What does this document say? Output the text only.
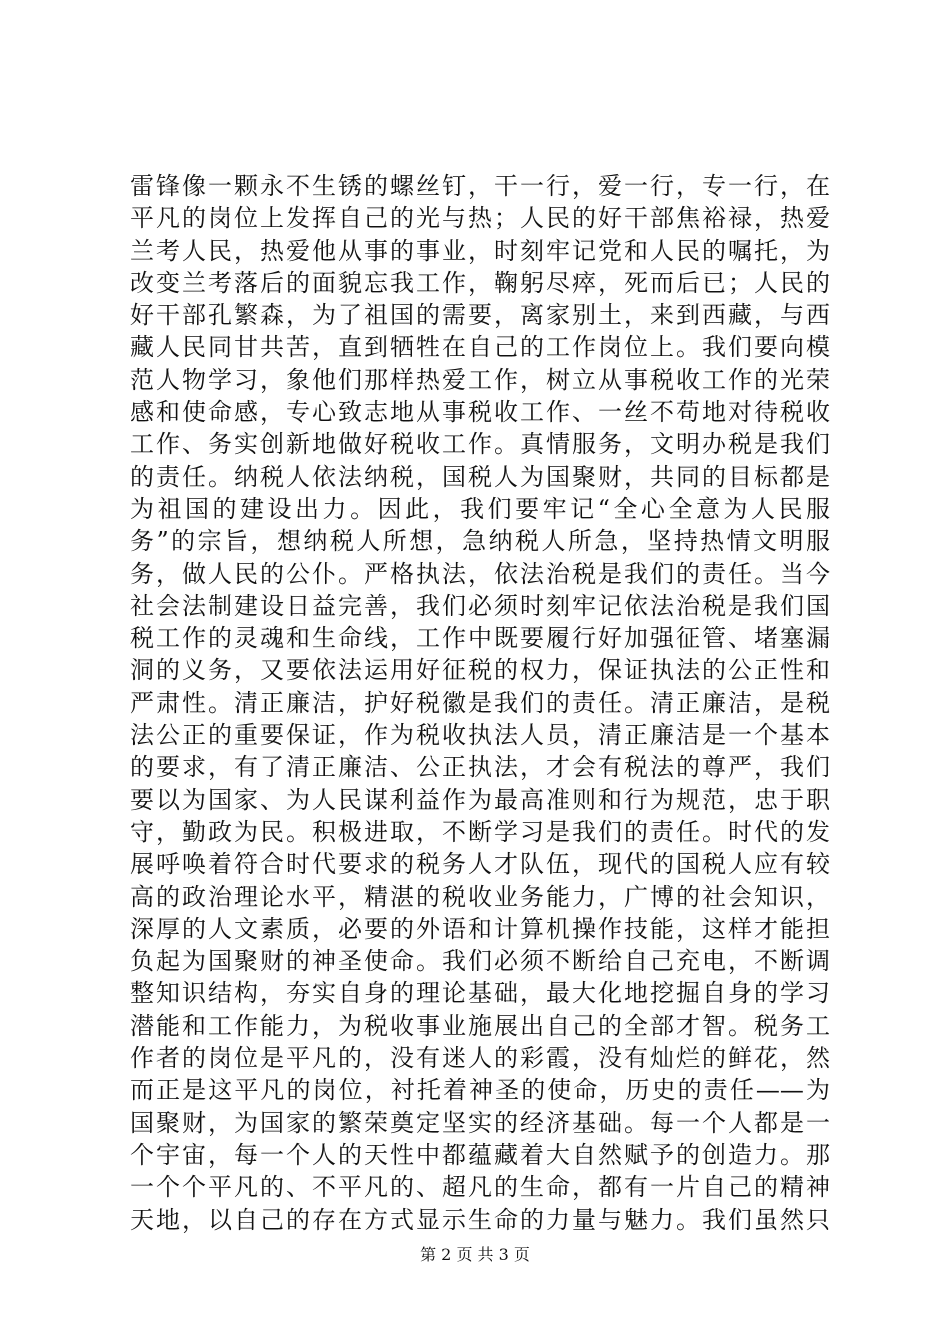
雷锋像一颗永不生锈的螺丝钉，干一行，爱一行，专一行，在
平凡的岗位上发挥自己的光与热；人民的好干部焦裕禄，热爱
兰考人民，热爱他从事的事业，时刻牢记党和人民的嘱托，为
改变兰考落后的面貌忘我工作，鞠躬尽瘁，死而后已；人民的
好干部孔繁森，为了祖国的需要，离家别土，来到西藏，与西
藏人民同甘共苦，直到牺牲在自己的工作岗位上。我们要向模
范人物学习，象他们那样热爱工作，树立从事税收工作的光荣
感和使命感，专心致志地从事税收工作、一丝不苟地对待税收
工作、务实创新地做好税收工作。真情服务，文明办税是我们
的责任。纳税人依法纳税，国税人为国聚财，共同的目标都是
为祖国的建设出力。因此，我们要牢记“全心全意为人民服
务”的宗旨，想纳税人所想，急纳税人所急，坚持热情文明服
务，做人民的公仆。严格执法，依法治税是我们的责任。当今
社会法制建设日益完善，我们必须时刻牢记依法治税是我们国
税工作的灵魂和生命线，工作中既要履行好加强征管、堵塞漏
洞的义务，又要依法运用好征税的权力，保证执法的公正性和
严肃性。清正廉洁，护好税徽是我们的责任。清正廉洁，是税
法公正的重要保证，作为税收执法人员，清正廉洁是一个基本
的要求，有了清正廉洁、公正执法，才会有税法的尊严，我们
要以为国家、为人民谋利益作为最高准则和行为规范，忠于职
守，勤政为民。积极进取，不断学习是我们的责任。时代的发
展呼唤着符合时代要求的税务人才队伍，现代的国税人应有较
高的政治理论水平，精湛的税收业务能力，广博的社会知识，
深厚的人文素质，必要的外语和计算机操作技能，这样才能担
负起为国聚财的神圣使命。我们必须不断给自己充电，不断调
整知识结构，夯实自身的理论基础，最大化地挖掘自身的学习
潜能和工作能力，为税收事业施展出自己的全部才智。税务工
作者的岗位是平凡的，没有迷人的彩霞，没有灿烂的鲜花，然
而正是这平凡的岗位，衬托着神圣的使命，历史的责任——为
国聚财，为国家的繁荣奠定坚实的经济基础。每一个人都是一
个宇宙，每一个人的天性中都蕴藏着大自然赋予的创造力。那
一个个平凡的、不平凡的、超凡的生命，都有一片自己的精神
天地，以自己的存在方式显示生命的力量与魅力。我们虽然只
第 2 页 共 3 页
